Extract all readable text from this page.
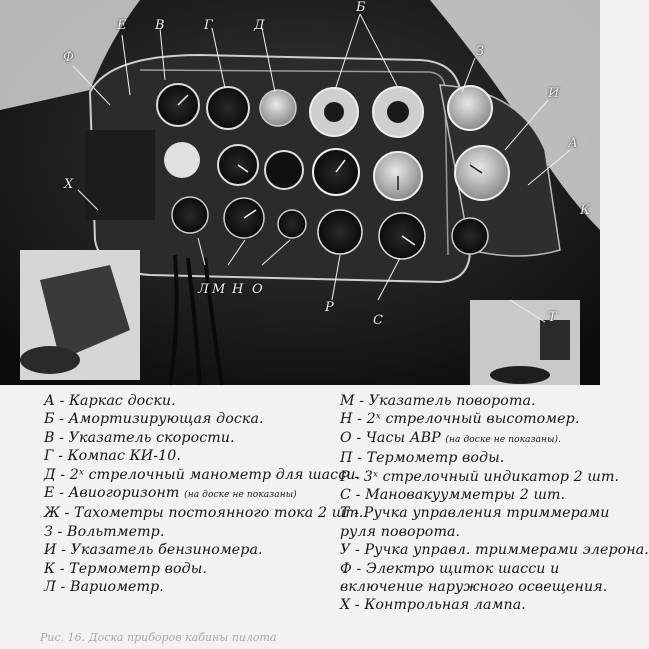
Ф
Е В	Г	Д
Б
З
И
А
К
Х
Л М Н О
Р
С	Т
А - Каркас доски.
Б - Амортизирующая доска.
В - Указатель скорости.
Г - Компас КИ-10.
Д - 2ˣ стрелочный манометр для шасси.
Е - Авиогоризонт (на доске не показаны)
Ж - Тахометры постоянного тока 2 шт.
З - Вольтметр.
И - Указатель бензиномера.
К - Термометр воды.
Л - Вариометр.
М - Указатель поворота.
Н - 2ˣ стрелочный высотомер.
О - Часы АВР (на доске не показаны).
П - Термометр воды.
Р - 3ˣ стрелочный индикатор 2 шт.
С - Мановакуумметры 2 шт.
Т - Ручка управления триммерами
руля поворота.
У - Ручка управл. триммерами элерона.
Ф - Электро щиток шасси и
включение наружного освещения.
Х - Контрольная лампа.
Рис. 16. Доска приборов кабины пилота
